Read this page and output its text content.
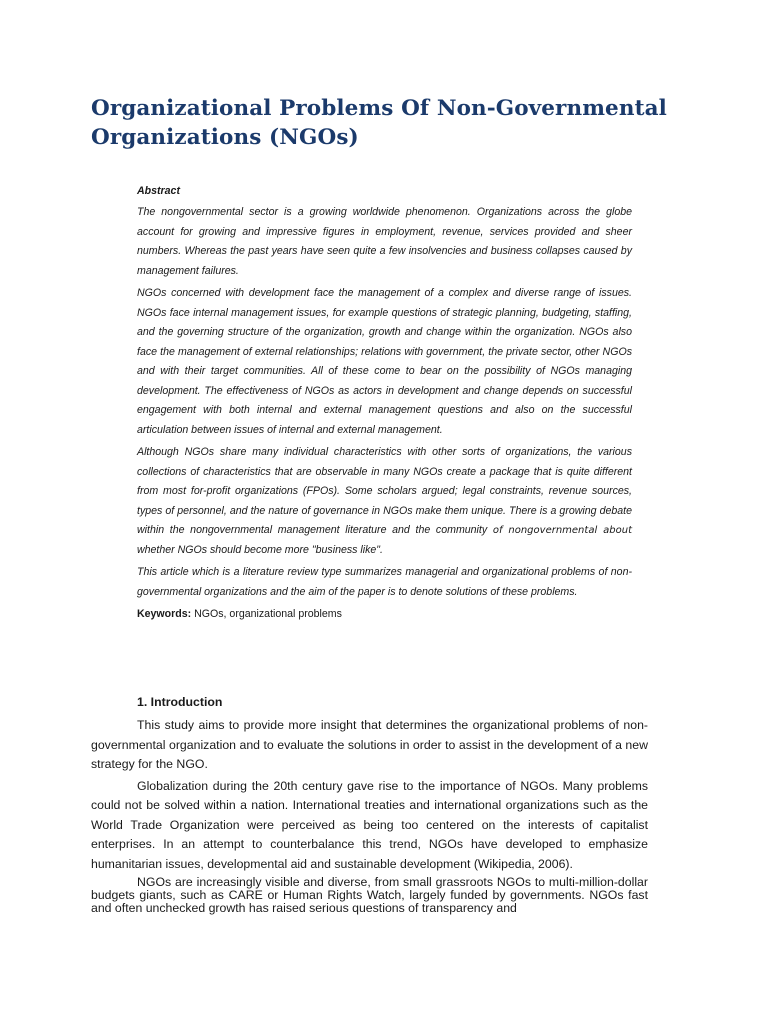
Organizational Problems Of Non-Governmental Organizations (NGOs)
Abstract

The nongovernmental sector is a growing worldwide phenomenon. Organizations across the globe account for growing and impressive figures in employment, revenue, services provided and sheer numbers. Whereas the past years have seen quite a few insolvencies and business collapses caused by management failures.

NGOs concerned with development face the management of a complex and diverse range of issues. NGOs face internal management issues, for example questions of strategic planning, budgeting, staffing, and the governing structure of the organization, growth and change within the organization. NGOs also face the management of external relationships; relations with government, the private sector, other NGOs and with their target communities. All of these come to bear on the possibility of NGOs managing development. The effectiveness of NGOs as actors in development and change depends on successful engagement with both internal and external management questions and also on the successful articulation between issues of internal and external management.

Although NGOs share many individual characteristics with other sorts of organizations, the various collections of characteristics that are observable in many NGOs create a package that is quite different from most for-profit organizations (FPOs). Some scholars argued; legal constraints, revenue sources, types of personnel, and the nature of governance in NGOs make them unique. There is a growing debate within the nongovernmental management literature and the community of nongovernmental about whether NGOs should become more "business like".

This article which is a literature review type summarizes managerial and organizational problems of non-governmental organizations and the aim of the paper is to denote solutions of these problems.

Keywords: NGOs, organizational problems

1. Introduction

This study aims to provide more insight that determines the organizational problems of non-governmental organization and to evaluate the solutions in order to assist in the development of a new strategy for the NGO.

Globalization during the 20th century gave rise to the importance of NGOs. Many problems could not be solved within a nation. International treaties and international organizations such as the World Trade Organization were perceived as being too centered on the interests of capitalist enterprises. In an attempt to counterbalance this trend, NGOs have developed to emphasize humanitarian issues, developmental aid and sustainable development (Wikipedia, 2006).

NGOs are increasingly visible and diverse, from small grassroots NGOs to multi-million-dollar budgets giants, such as CARE or Human Rights Watch, largely funded by governments. NGOs fast and often unchecked growth has raised serious questions of transparency and
